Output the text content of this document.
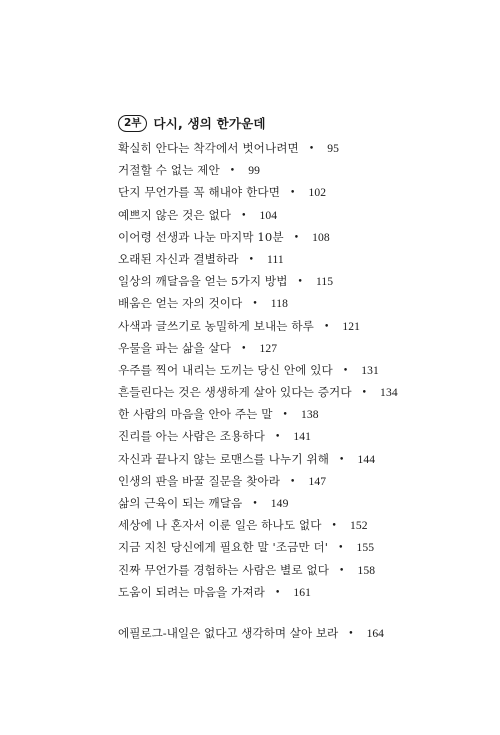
2부 다시, 생의 한가운데
확실히 안다는 착각에서 벗어나려면 • 95
거절할 수 없는 제안 • 99
단지 무언가를 꼭 해내야 한다면 • 102
예쁘지 않은 것은 없다 • 104
이어령 선생과 나눈 마지막 10분 • 108
오래된 자신과 결별하라 • 111
일상의 깨달음을 얻는 5가지 방법 • 115
배움은 얻는 자의 것이다 • 118
사색과 글쓰기로 농밀하게 보내는 하루 • 121
우물을 파는 삶을 살다 • 127
우주를 찍어 내리는 도끼는 당신 안에 있다 • 131
흔들린다는 것은 생생하게 살아 있다는 증거다 • 134
한 사람의 마음을 안아 주는 말 • 138
진리를 아는 사람은 조용하다 • 141
자신과 끝나지 않는 로맨스를 나누기 위해 • 144
인생의 판을 바꿀 질문을 찾아라 • 147
삶의 근육이 되는 깨달음 • 149
세상에 나 혼자서 이룬 일은 하나도 없다 • 152
지금 지친 당신에게 필요한 말 '조금만 더' • 155
진짜 무언가를 경험하는 사람은 별로 없다 • 158
도움이 되려는 마음을 가져라 • 161
에필로그-내일은 없다고 생각하며 살아 보라 • 164
